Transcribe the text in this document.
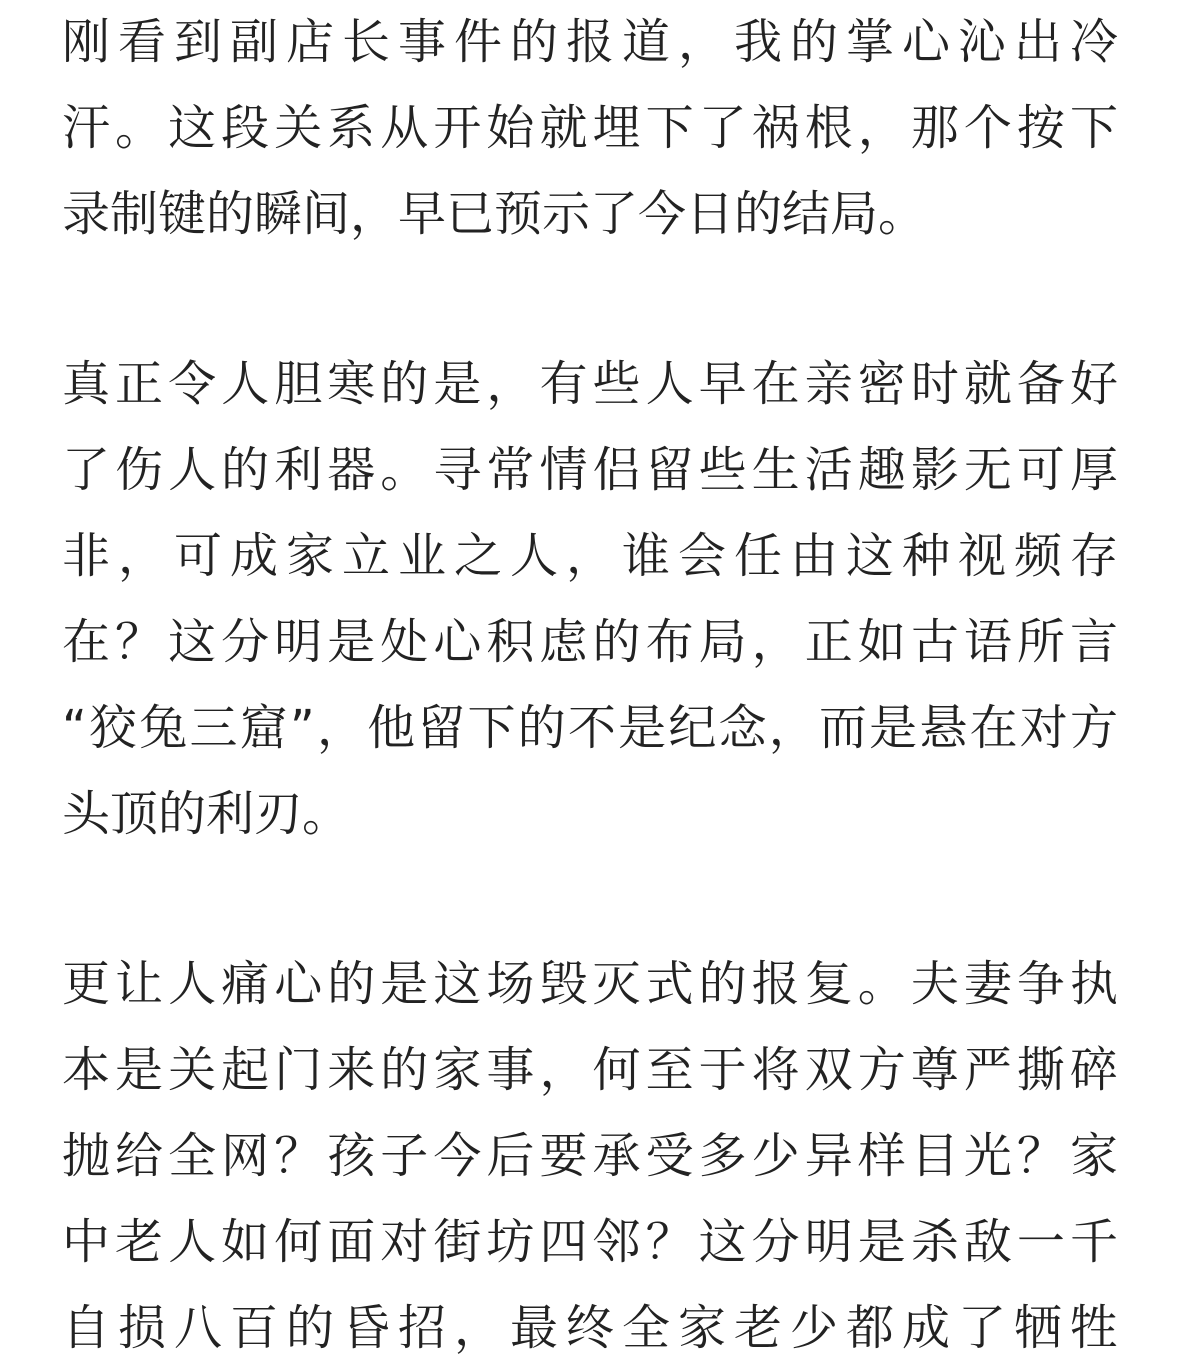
刚看到副店长事件的报道，我的掌心沁出冷
汗。这段关系从开始就埋下了祸根，那个按下
录制键的瞬间，早已预示了今日的结局。
真正令人胆寒的是，有些人早在亲密时就备好
了伤人的利器。寻常情侣留些生活趣影无可厚
非，可成家立业之人，谁会任由这种视频存
在？这分明是处心积虑的布局，正如古语所言
“狡兔三窟”，他留下的不是纪念，而是悬在对方
头顶的利刃。
更让人痛心的是这场毁灭式的报复。夫妻争执
本是关起门来的家事，何至于将双方尊严撕碎
抛给全网？孩子今后要承受多少异样目光？家
中老人如何面对街坊四邻？这分明是杀敌一千
自损八百的昏招，最终全家老少都成了牺牲
